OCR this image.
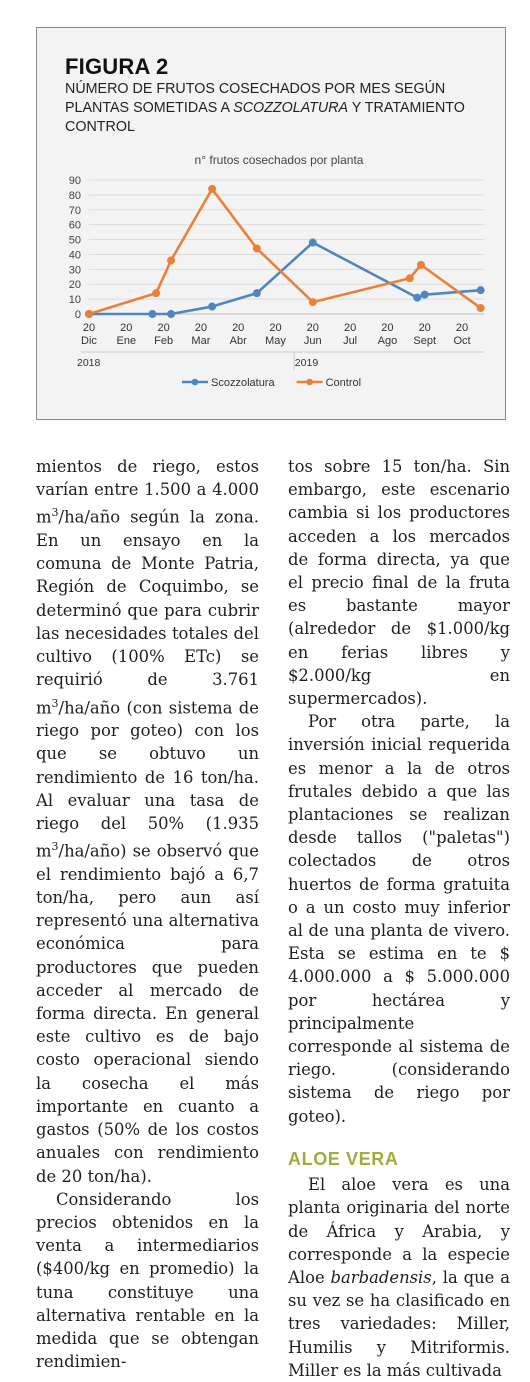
FIGURA 2
NÚMERO DE FRUTOS COSECHADOS POR MES SEGÚN PLANTAS SOMETIDAS A SCOZZOLATURA Y TRATAMIENTO CONTROL
n° frutos cosechados por planta
0
10
20
30
40
50
60
70
80
90
20
Dic
20
Ene
20
Feb
20
Mar
20
Abr
20
May
20
Jun
20
Jul
20
Ago
20
Sept
20
Oct
2018	2019
Scozzolatura	Control

mientos de riego, estos varían entre 1.500 a 4.000 $m^3/ha$/año según la zona. En un ensayo en la comuna de Monte Patria, Región de Coquimbo, se determinó que para cubrir las necesidades totales del cultivo (100% ETc) se requirió de 3.761 $m^3/ha$/año (con sistema de riego por goteo) con los que se obtuvo un rendimiento de 16 ton/ha. Al evaluar una tasa de riego del 50% (1.935 $m^3/ha/año$) se observó que el rendimiento bajó a 6,7 ton/ha, pero aun así representó una alternativa económica para productores que pueden acceder al mercado de forma directa. En general este cultivo es de bajo costo operacional siendo la cosecha el más importante en cuanto a gastos (50% de los costos anuales con rendimiento de 20 ton/ha).

Considerando los precios obtenidos en la venta a intermediarios ($400/kg en promedio) la tuna constituye una alternativa rentable en la medida que se obtengan rendimien-

tos sobre 15 ton/ha. Sin embargo, este escenario cambia si los productores acceden a los mercados de forma directa, ya que el precio final de la fruta es bastante mayor (alrededor de $1.000/kg en ferias libres y $2.000/kg en supermercados).

Por otra parte, la inversión inicial requerida es menor a la de otros frutales debido a que las plantaciones se realizan desde tallos ("paletas") colectados de otros huertos de forma gratuita o a un costo muy inferior al de una planta de vivero. Esta se estima en te $ 4.000.000 a $ 5.000.000 por hectárea y principalmente corresponde al sistema de riego. (considerando sistema de riego por goteo).

ALOE VERA

El aloe vera es una planta originaria del norte de África y Arabia, y corresponde a la especie Aloe barbadensis, la que a su vez se ha clasificado en tres variedades: Miller, Humilis y Mitriformis. Miller es la más cultivada
